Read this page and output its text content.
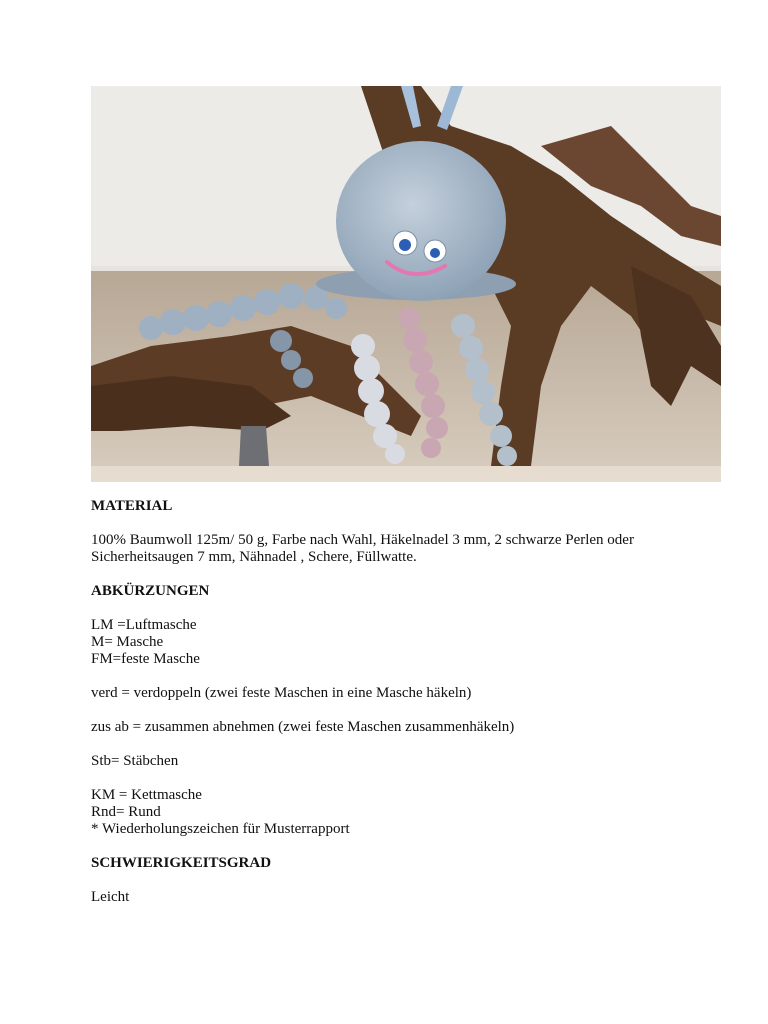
MATERIAL
100% Baumwoll 125m/ 50 g, Farbe nach Wahl, Häkelnadel 3 mm, 2 schwarze Perlen oder Sicherheitsaugen 7 mm, Nähnadel , Schere, Füllwatte.
ABKÜRZUNGEN
LM =Luftmasche
M= Masche
FM=feste Masche
verd = verdoppeln (zwei feste Maschen in eine Masche häkeln)
zus ab = zusammen abnehmen (zwei feste Maschen zusammenhäkeln)
Stb= Stäbchen
KM = Kettmasche
Rnd= Rund
* Wiederholungszeichen für Musterrapport
SCHWIERIGKEITSGRAD
Leicht
